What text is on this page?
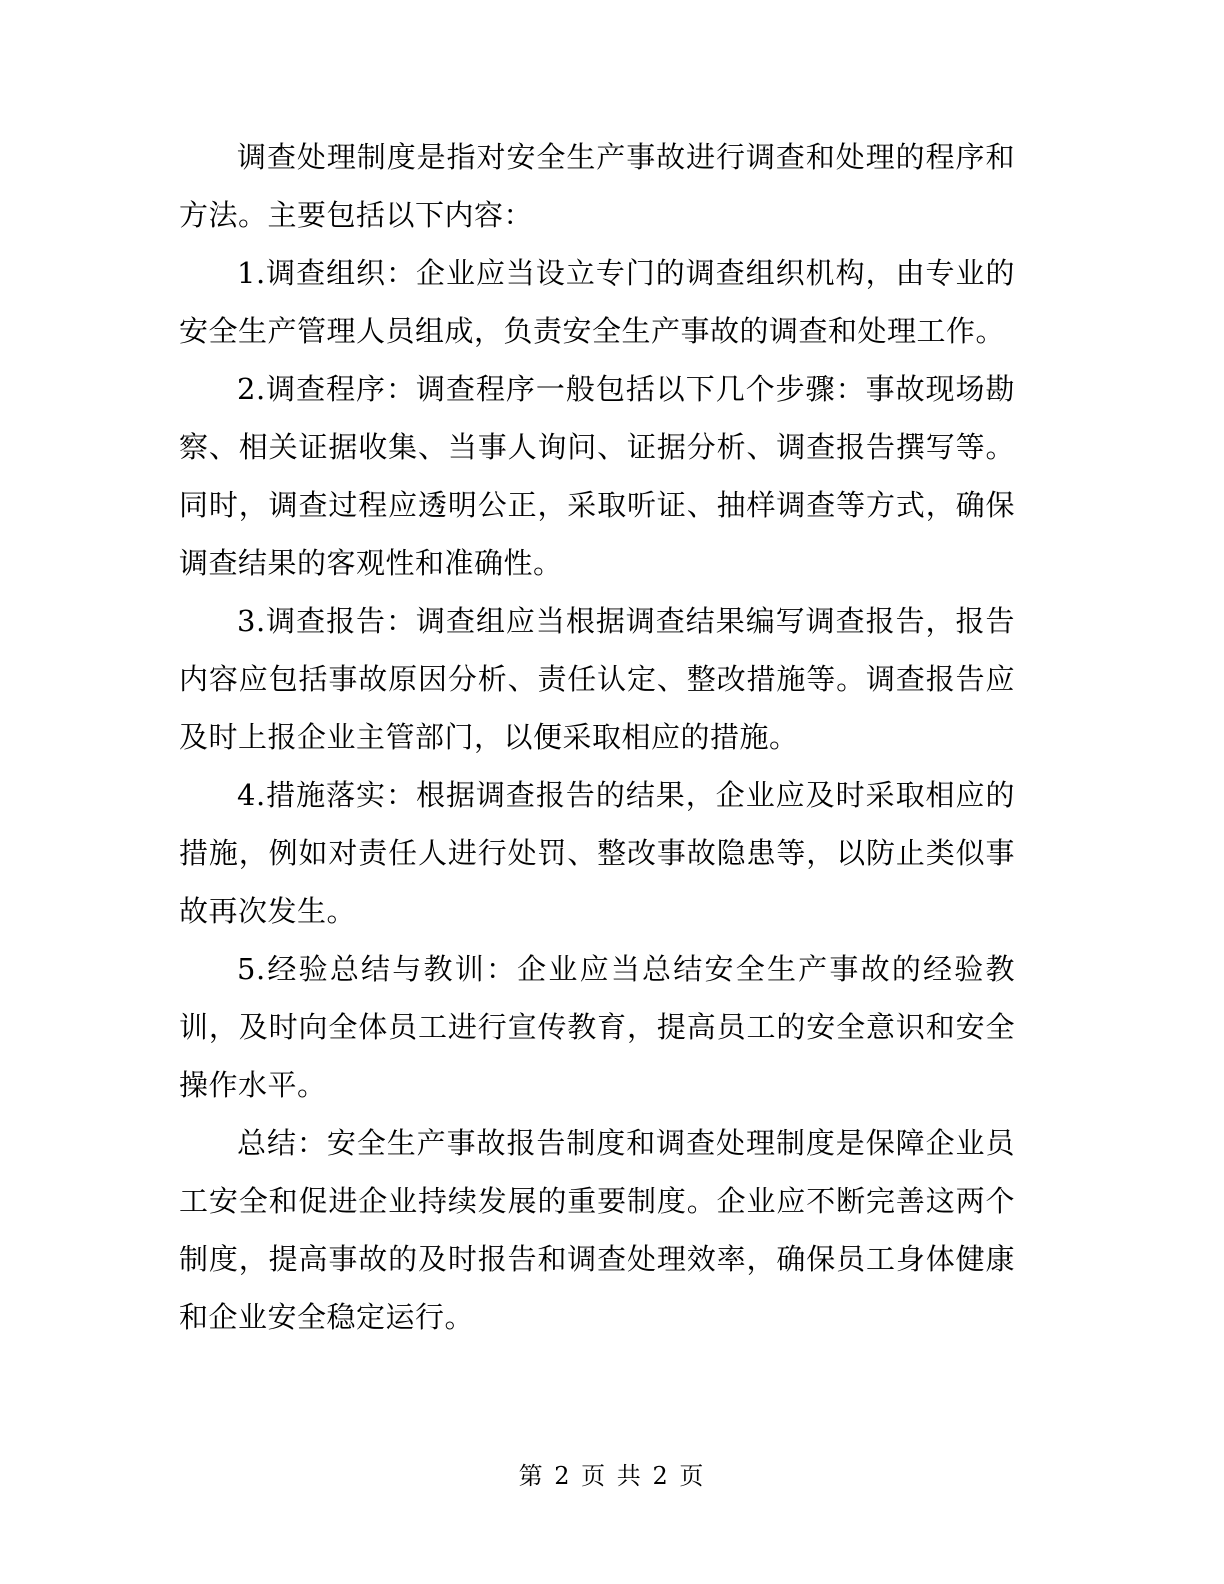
调查处理制度是指对安全生产事故进行调查和处理的程序和方法。主要包括以下内容：

1.调查组织：企业应当设立专门的调查组织机构，由专业的安全生产管理人员组成，负责安全生产事故的调查和处理工作。

2.调查程序：调查程序一般包括以下几个步骤：事故现场勘察、相关证据收集、当事人询问、证据分析、调查报告撰写等。同时，调查过程应透明公正，采取听证、抽样调查等方式，确保调查结果的客观性和准确性。

3.调查报告：调查组应当根据调查结果编写调查报告，报告内容应包括事故原因分析、责任认定、整改措施等。调查报告应及时上报企业主管部门，以便采取相应的措施。

4.措施落实：根据调查报告的结果，企业应及时采取相应的措施，例如对责任人进行处罚、整改事故隐患等，以防止类似事故再次发生。

5.经验总结与教训：企业应当总结安全生产事故的经验教训，及时向全体员工进行宣传教育，提高员工的安全意识和安全操作水平。

总结：安全生产事故报告制度和调查处理制度是保障企业员工安全和促进企业持续发展的重要制度。企业应不断完善这两个制度，提高事故的及时报告和调查处理效率，确保员工身体健康和企业安全稳定运行。

第 2 页 共 2 页
